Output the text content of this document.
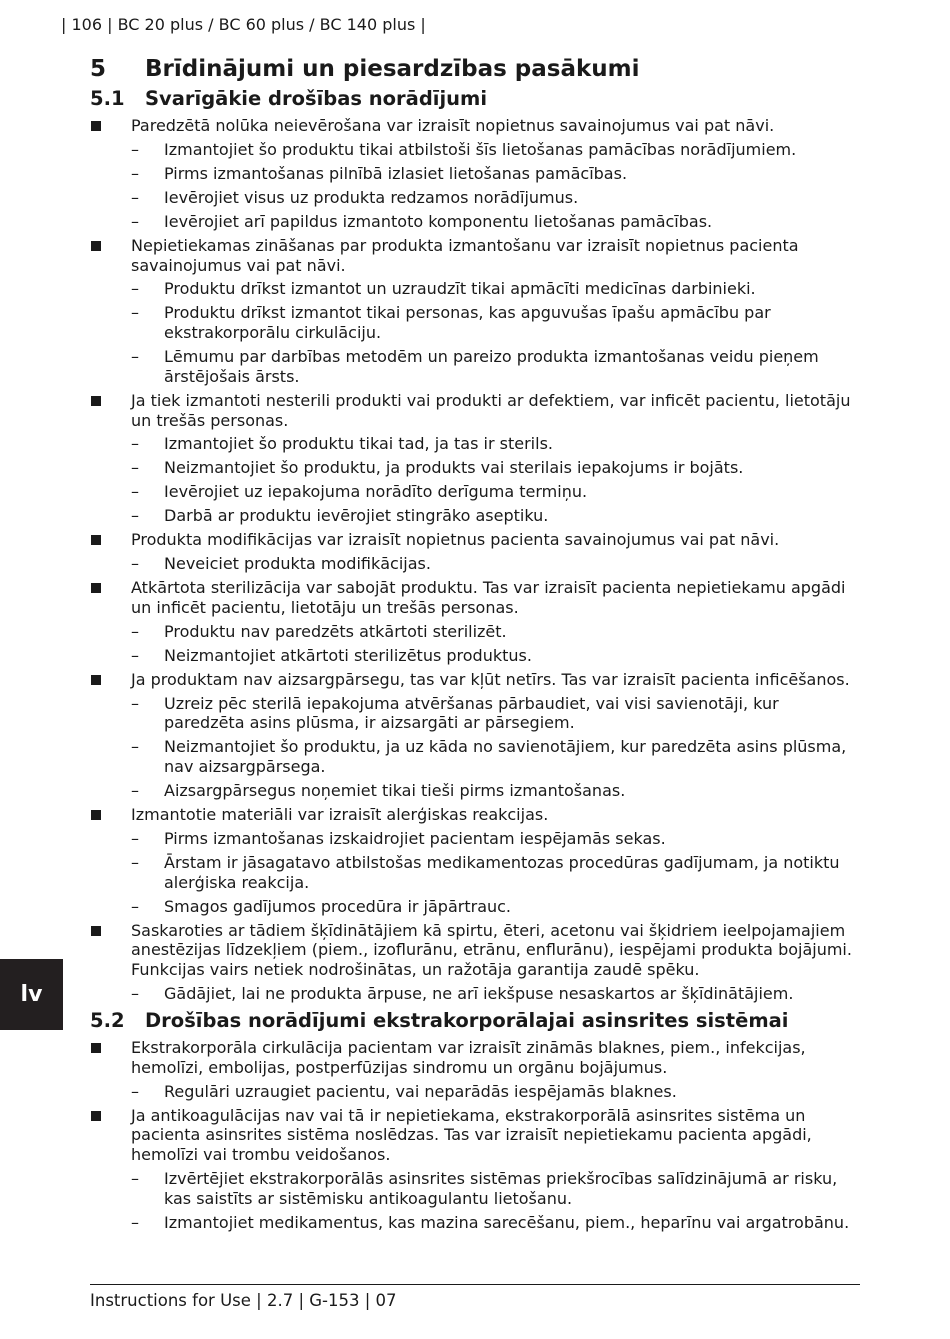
| 106 | BC 20 plus / BC 60 plus / BC 140 plus |
5	Brīdinājumi un piesardzības pasākumi
5.1	Svarīgākie drošības norādījumi
Paredzētā nolūka neievērošana var izraisīt nopietnus savainojumus vai pat nāvi.
– Izmantojiet šo produktu tikai atbilstoši šīs lietošanas pamācības norādījumiem.
– Pirms izmantošanas pilnībā izlasiet lietošanas pamācības.
– Ievērojiet visus uz produkta redzamos norādījumus.
– Ievērojiet arī papildus izmantoto komponentu lietošanas pamācības.
Nepietiekamas zināšanas par produkta izmantošanu var izraisīt nopietnus pacienta savainojumus vai pat nāvi.
– Produktu drīkst izmantot un uzraudzīt tikai apmācīti medicīnas darbinieki.
– Produktu drīkst izmantot tikai personas, kas apguvušas īpašu apmācību par ekstrakorporālu cirkulāciju.
– Lēmumu par darbības metodēm un pareizo produkta izmantošanas veidu pieņem ārstējošais ārsts.
Ja tiek izmantoti nesterili produkti vai produkti ar defektiem, var inficēt pacientu, lietotāju un trešās personas.
– Izmantojiet šo produktu tikai tad, ja tas ir sterils.
– Neizmantojiet šo produktu, ja produkts vai sterilais iepakojums ir bojāts.
– Ievērojiet uz iepakojuma norādīto derīguma termiņu.
– Darbā ar produktu ievērojiet stingrāko aseptiku.
Produkta modifikācijas var izraisīt nopietnus pacienta savainojumus vai pat nāvi.
– Neveiciet produkta modifikācijas.
Atkārtota sterilizācija var sabojāt produktu. Tas var izraisīt pacienta nepietiekamu apgādi un inficēt pacientu, lietotāju un trešās personas.
– Produktu nav paredzēts atkārtoti sterilizēt.
– Neizmantojiet atkārtoti sterilizētus produktus.
Ja produktam nav aizsargpārsegu, tas var kļūt netīrs. Tas var izraisīt pacienta inficēšanos.
– Uzreiz pēc sterilā iepakojuma atvēršanas pārbaudiet, vai visi savienotāji, kur paredzēta asins plūsma, ir aizsargāti ar pārsegiem.
– Neizmantojiet šo produktu, ja uz kāda no savienotājiem, kur paredzēta asins plūsma, nav aizsargpārsega.
– Aizsargpārsegus noņemiet tikai tieši pirms izmantošanas.
Izmantotie materiāli var izraisīt alerģiskas reakcijas.
– Pirms izmantošanas izskaidrojiet pacientam iespējamās sekas.
– Ārstam ir jāsagatavo atbilstošas medikamentozas procedūras gadījumam, ja notiktu alerģiska reakcija.
– Smagos gadījumos procedūra ir jāpārtrauc.
Saskaroties ar tādiem šķīdinātājiem kā spirtu, ēteri, acetonu vai šķidriem ieelpojamajiem anestēzijas līdzekļiem (piem., izoflurānu, etrānu, enflurānu), iespējami produkta bojājumi. Funkcijas vairs netiek nodrošinātas, un ražotāja garantija zaudē spēku.
– Gādājiet, lai ne produkta ārpuse, ne arī iekšpuse nesaskartos ar šķīdinātājiem.
5.2	Drošības norādījumi ekstrakorporālajai asinsrites sistēmai
Ekstrakorporāla cirkulācija pacientam var izraisīt zināmās blaknes, piem., infekcijas, hemolīzi, embolijas, postperfūzijas sindromu un orgānu bojājumus.
– Regulāri uzraugiet pacientu, vai neparādās iespējamās blaknes.
Ja antikoagulācijas nav vai tā ir nepietiekama, ekstrakorporālā asinsrites sistēma un pacienta asinsrites sistēma noslēdzas. Tas var izraisīt nepietiekamu pacienta apgādi, hemolīzi vai trombu veidošanos.
– Izvērtējiet ekstrakorporālās asinsrites sistēmas priekšrocības salīdzinājumā ar risku, kas saistīts ar sistēmisku antikoagulantu lietošanu.
– Izmantojiet medikamentus, kas mazina sarecēšanu, piem., heparīnu vai argatrobānu.
lv
Instructions for Use | 2.7 | G-153 | 07
